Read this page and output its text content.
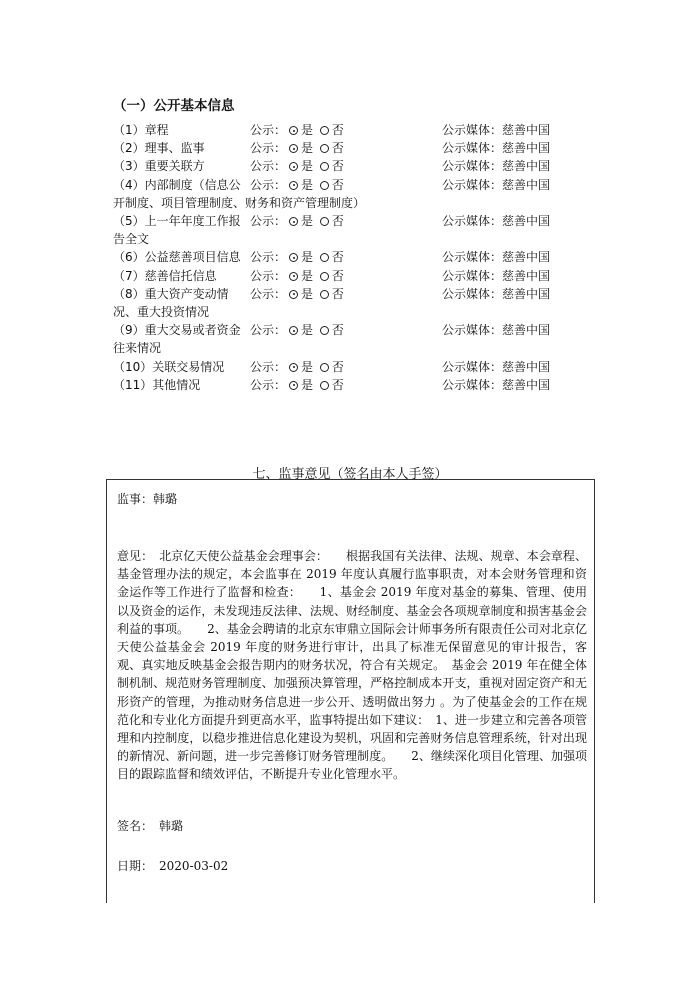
（一）公开基本信息
（1）章程	公示： 是 否	公示媒体：慈善中国
（2）理事、监事	公示： 是 否	公示媒体：慈善中国
（3）重要关联方	公示： 是 否	公示媒体：慈善中国
（4）内部制度（信息公	公示： 是 否	公示媒体：慈善中国
开制度、项目管理制度、财务和资产管理制度）		
（5）上一年年度工作报	公示： 是 否	公示媒体：慈善中国
告全文		
（6）公益慈善项目信息	公示： 是 否	公示媒体：慈善中国
（7）慈善信托信息	公示： 是 否	公示媒体：慈善中国
（8）重大资产变动情	公示： 是 否	公示媒体：慈善中国
况、重大投资情况		
（9）重大交易或者资金	公示： 是 否	公示媒体：慈善中国
往来情况		
（10）关联交易情况	公示： 是 否	公示媒体：慈善中国
（11）其他情况	公示： 是 否	公示媒体：慈善中国
七、监事意见（签名由本人手签）
监事：韩璐

意见：　北京亿天使公益基金会理事会：　　根据我国有关法律、法规、规章、本会章程、基金管理办法的规定，本会监事在 2019 年度认真履行监事职责，对本会财务管理和资金运作等工作进行了监督和检查：　　1、基金会 2019 年度对基金的募集、管理、使用以及资金的运作，未发现违反法律、法规、财经制度、基金会各项规章制度和损害基金会利益的事项。　　2、基金会聘请的北京东审鼎立国际会计师事务所有限责任公司对北京亿天使公益基金会 2019 年度的财务进行审计，出具了标准无保留意见的审计报告，客观、真实地反映基金会报告期内的财务状况，符合有关规定。　基金会 2019 年在健全体制机制、规范财务管理制度、加强预决算管理，严格控制成本开支，重视对固定资产和无形资产的管理，为推动财务信息进一步公开、透明做出努力 。为了使基金会的工作在规范化和专业化方面提升到更高水平，监事特提出如下建议：　1、进一步建立和完善各项管理和内控制度，以稳步推进信息化建设为契机，巩固和完善财务信息管理系统，针对出现的新情况、新问题，进一步完善修订财务管理制度。　　2、继续深化项目化管理、加强项目的跟踪监督和绩效评估，不断提升专业化管理水平。

签名：　 韩璐
日期：　 2020-03-02
